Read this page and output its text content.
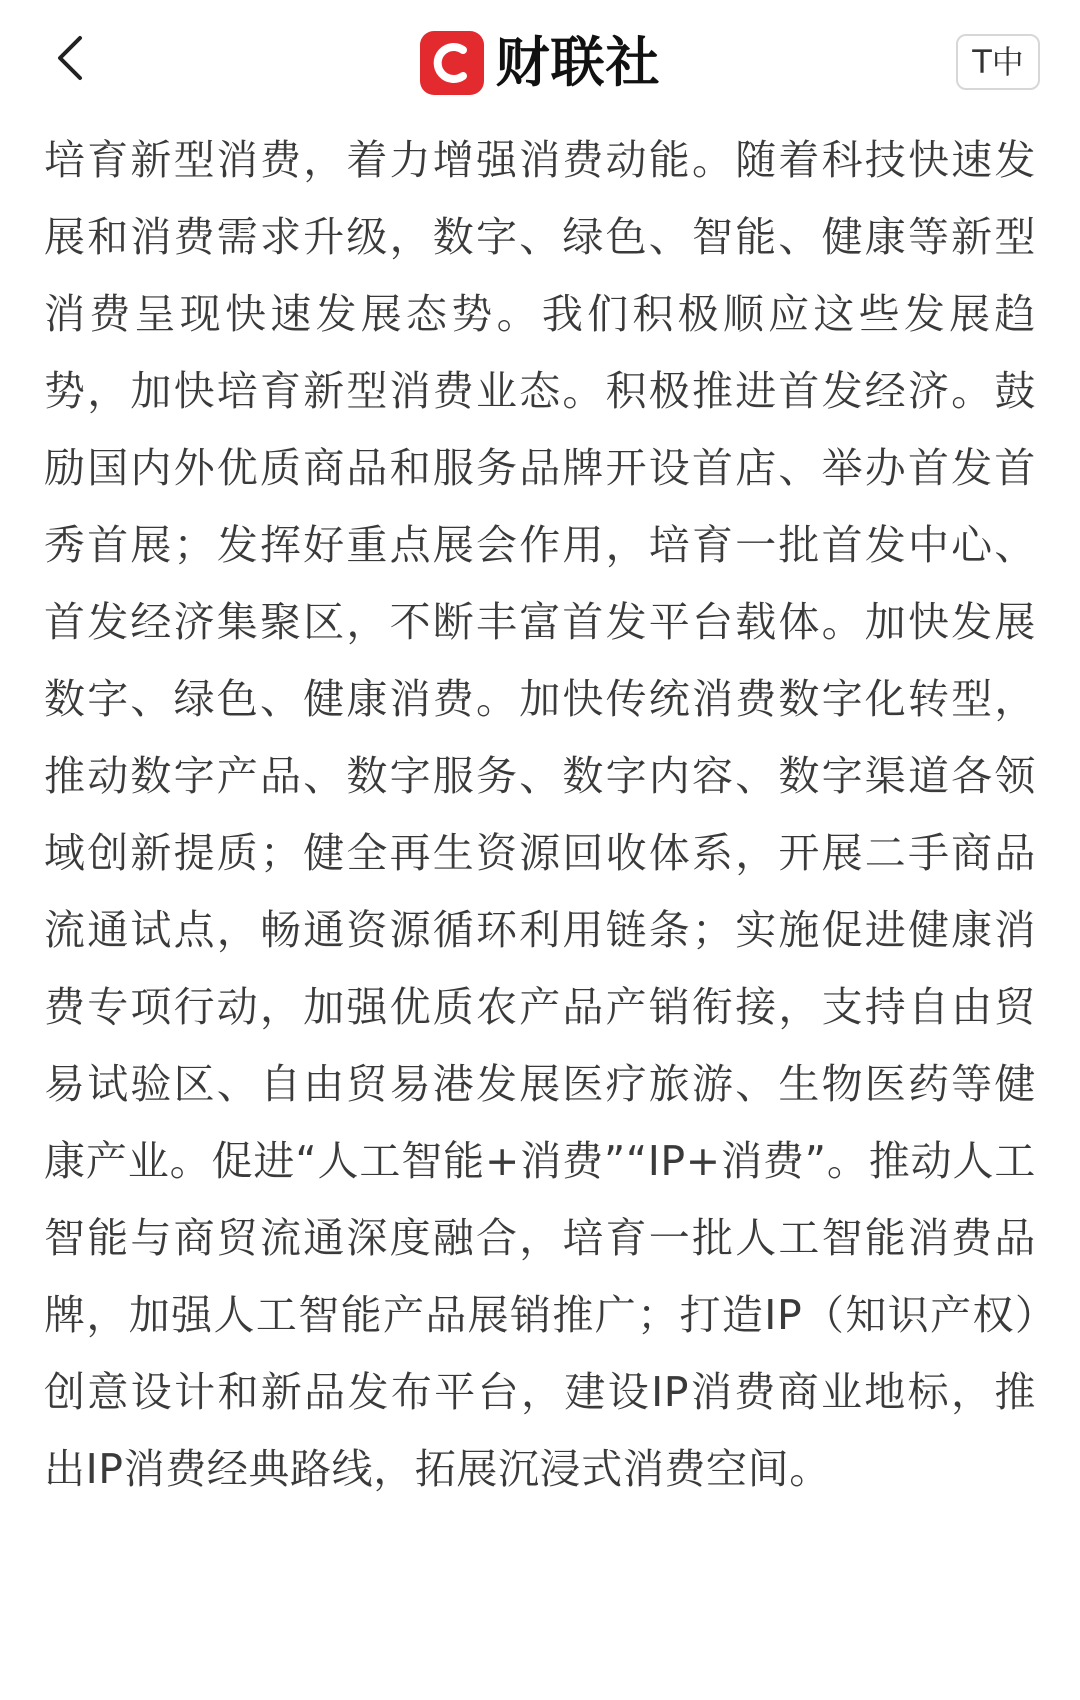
财联社	T中
培育新型消费，着力增强消费动能。随着科技快速发展和消费需求升级，数字、绿色、智能、健康等新型消费呈现快速发展态势。我们积极顺应这些发展趋势，加快培育新型消费业态。积极推进首发经济。鼓励国内外优质商品和服务品牌开设首店、举办首发首秀首展；发挥好重点展会作用，培育一批首发中心、首发经济集聚区，不断丰富首发平台载体。加快发展数字、绿色、健康消费。加快传统消费数字化转型，推动数字产品、数字服务、数字内容、数字渠道各领域创新提质；健全再生资源回收体系，开展二手商品流通试点，畅通资源循环利用链条；实施促进健康消费专项行动，加强优质农产品产销衔接，支持自由贸易试验区、自由贸易港发展医疗旅游、生物医药等健康产业。促进“人工智能+消费”“IP+消费”。推动人工智能与商贸流通深度融合，培育一批人工智能消费品牌，加强人工智能产品展销推广；打造IP（知识产权）创意设计和新品发布平台，建设IP消费商业地标，推出IP消费经典路线，拓展沉浸式消费空间。
